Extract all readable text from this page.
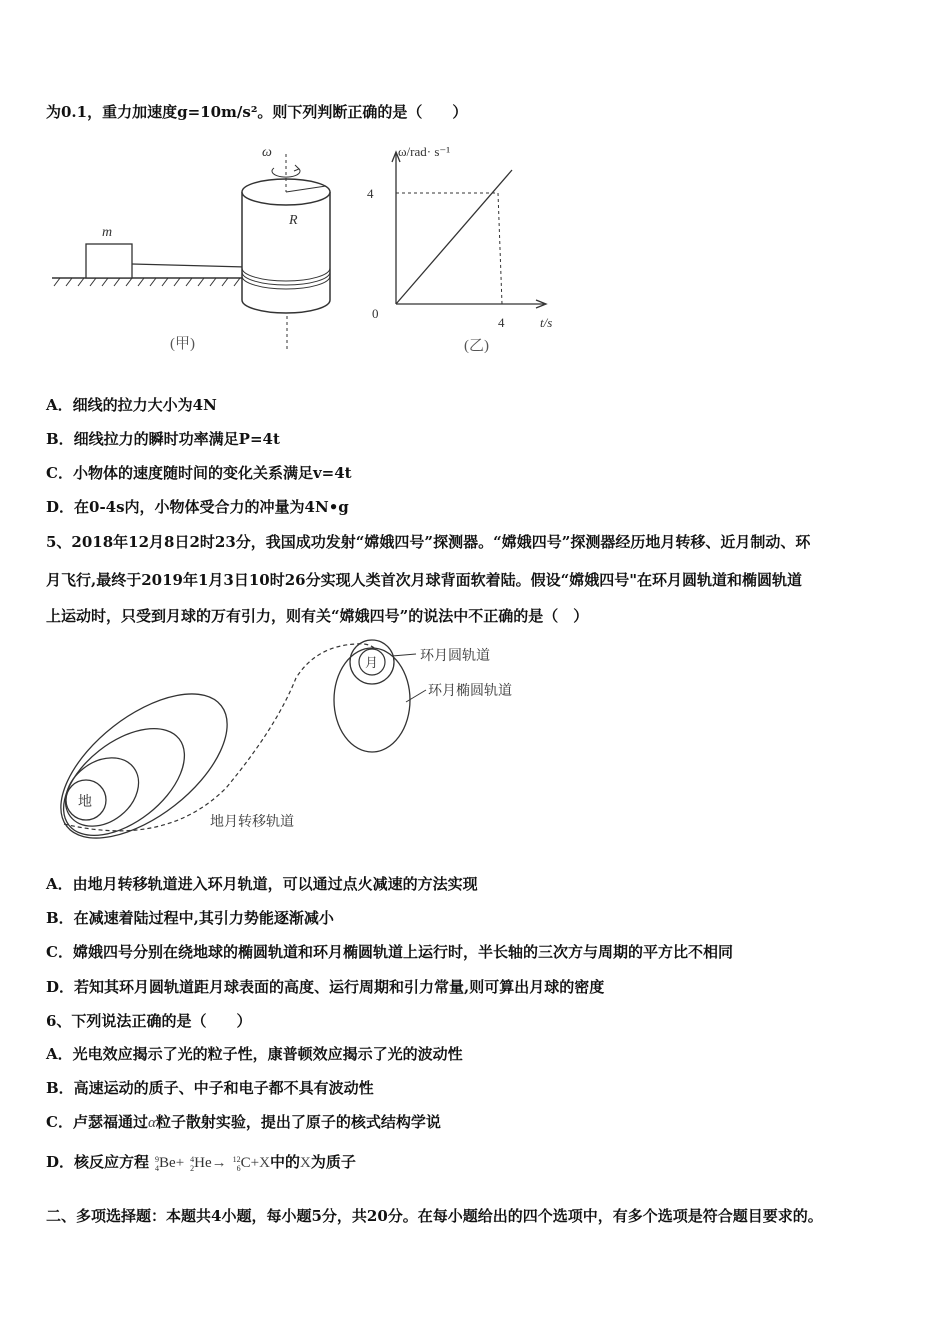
为0.1，重力加速度g=10m/s²。则下列判断正确的是（　　）
m
ω
R
(甲)
ω/rad· s⁻¹
4
0
4	t/s
(乙)
A．细线的拉力大小为4N
B．细线拉力的瞬时功率满足P=4t
C．小物体的速度随时间的变化关系满足v=4t
D．在0-4s内，小物体受合力的冲量为4N•g
5、2018年12月8日2时23分，我国成功发射“嫦娥四号”探测器。“嫦娥四号”探测器经历地月转移、近月制动、环
月飞行,最终于2019年1月3日10时26分实现人类首次月球背面软着陆。假设“嫦娥四号"在环月圆轨道和椭圆轨道
上运动时，只受到月球的万有引力，则有关“嫦娥四号”的说法中不正确的是（　）
地
月	环月圆轨道
环月椭圆轨道
地月转移轨道
A．由地月转移轨道进入环月轨道，可以通过点火减速的方法实现
B．在减速着陆过程中,其引力势能逐渐减小
C．嫦娥四号分别在绕地球的椭圆轨道和环月椭圆轨道上运行时，半长轴的三次方与周期的平方比不相同
D．若知其环月圆轨道距月球表面的高度、运行周期和引力常量,则可算出月球的密度
6、下列说法正确的是（　　）
A．光电效应揭示了光的粒子性，康普顿效应揭示了光的波动性
B．高速运动的质子、中子和电子都不具有波动性
C．卢瑟福通过α粒子散射实验，提出了原子的核式结构学说
D．核反应方程 9
4Be+ 4
2He→ 12
6C+X中的X为质子
二、多项选择题：本题共4小题，每小题5分，共20分。在每小题给出的四个选项中，有多个选项是符合题目要求的。
